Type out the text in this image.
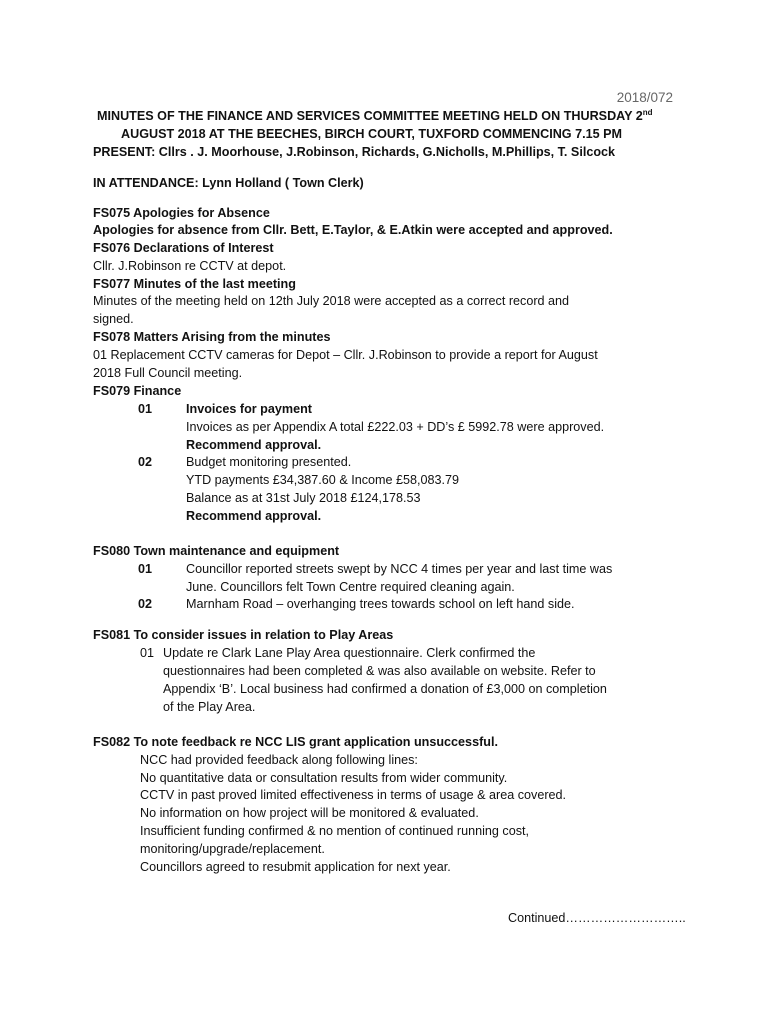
2018/072
MINUTES OF THE FINANCE AND SERVICES COMMITTEE MEETING HELD ON THURSDAY 2nd
AUGUST 2018 AT THE BEECHES, BIRCH COURT, TUXFORD COMMENCING 7.15 PM
PRESENT: Cllrs . J. Moorhouse, J.Robinson, Richards, G.Nicholls, M.Phillips, T. Silcock
IN ATTENDANCE: Lynn Holland ( Town Clerk)
FS075 Apologies for Absence
Apologies for absence from Cllr. Bett, E.Taylor, & E.Atkin were accepted and approved.
FS076 Declarations of Interest
Cllr. J.Robinson re CCTV at depot.
FS077 Minutes of the last meeting
Minutes of the meeting held on 12th July 2018 were accepted as a correct record and
signed.
FS078 Matters Arising from the minutes
01 Replacement CCTV cameras for Depot – Cllr. J.Robinson to provide a report for August
2018 Full Council meeting.
FS079 Finance
01	Invoices for payment
Invoices as per Appendix A total £222.03 + DD’s £ 5992.78 were approved.
Recommend approval.
02	Budget monitoring presented.
YTD payments £34,387.60 & Income £58,083.79
Balance as at 31st July 2018 £124,178.53
Recommend approval.
FS080 Town maintenance and equipment
01	Councillor reported streets swept by NCC 4 times per year and last time was
June. Councillors felt Town Centre required cleaning again.
02	Marnham Road – overhanging trees towards school on left hand side.
FS081 To consider issues in relation to Play Areas
01 Update re Clark Lane Play Area questionnaire. Clerk confirmed the
questionnaires had been completed & was also available on website. Refer to
Appendix ‘B’. Local business had confirmed a donation of £3,000 on completion
of the Play Area.
FS082 To note feedback re NCC LIS grant application unsuccessful.
NCC had provided feedback along following lines:
No quantitative data or consultation results from wider community.
CCTV in past proved limited effectiveness in terms of usage & area covered.
No information on how project will be monitored & evaluated.
Insufficient funding confirmed & no mention of continued running cost,
monitoring/upgrade/replacement.
Councillors agreed to resubmit application for next year.
Continued………………………..
